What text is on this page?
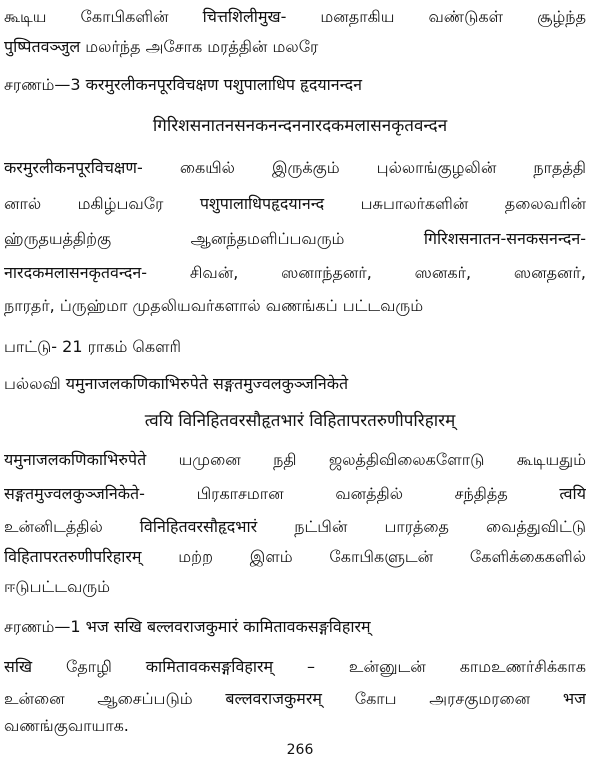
கூடிய கோபிகளின் चित्तशिलीमुख- மனதாகிய வண்டுகள் சூழ்ந்த
पुष्पितवञ्जुल மலர்ந்த அசோக மரத்தின் மலரே
சரணம்—3 करमुरलीकनपूरविचक्षण पशुपालाधिप हृदयानन्दन
गिरिशसनातनसनकनन्दननारदकमलासनकृतवन्दन
करमुरलीकनपूरविचक्षण- கையில் இருக்கும் புல்லாங்குழலின் நாதத்தி
னால் மகிழ்பவரே पशुपालाधिपहृदयानन्द பசுபாலர்களின் தலைவரின்
ஹ்ருதயத்திற்கு ஆனந்தமளிப்பவரும் गिरिशसनातन-सनकसनन्दन-
नारदकमलासनकृतवन्दन- சிவன், ஸனாந்தனர், ஸனகர், ஸனதனர்,
நாரதர், ப்ருஹ்மா முதலியவர்களால் வணங்கப் பட்டவரும்
பாட்டு- 21 ராகம் கௌரி
பல்லவி यमुनाजलकणिकाभिरुपेते सङ्गतमुज्वलकुञ्जनिकेते
त्वयि विनिहितवरसौहृतभारं विहितापरतरुणीपरिहारम्
यमुनाजलकणिकाभिरुपेते யமுனை நதி ஜலத்திவிலைகளோடு கூடியதும்
सङ्गतमुज्वलकुञ्जनिकेते- பிரகாசமான வனத்தில் சந்தித்த त्वयि
உன்னிடத்தில் विनिहितवरसौहृदभारं நட்பின் பாரத்தை வைத்துவிட்டு
विहितापरतरुणीपरिहारम् மற்ற இளம் கோபிகளுடன் கேளிக்கைகளில்
ஈடுபட்டவரும்
சரணம்—1 भज सखि बल्लवराजकुमारं कामितावकसङ्गविहारम्
सखि தோழி कामितावकसङ्गविहारम् – உன்னுடன் காமஉணர்சிக்காக
உன்னை ஆசைப்படும் बल्लवराजकुमरम् கோப அரசகுமரனை भज
வணங்குவாயாக.
266
